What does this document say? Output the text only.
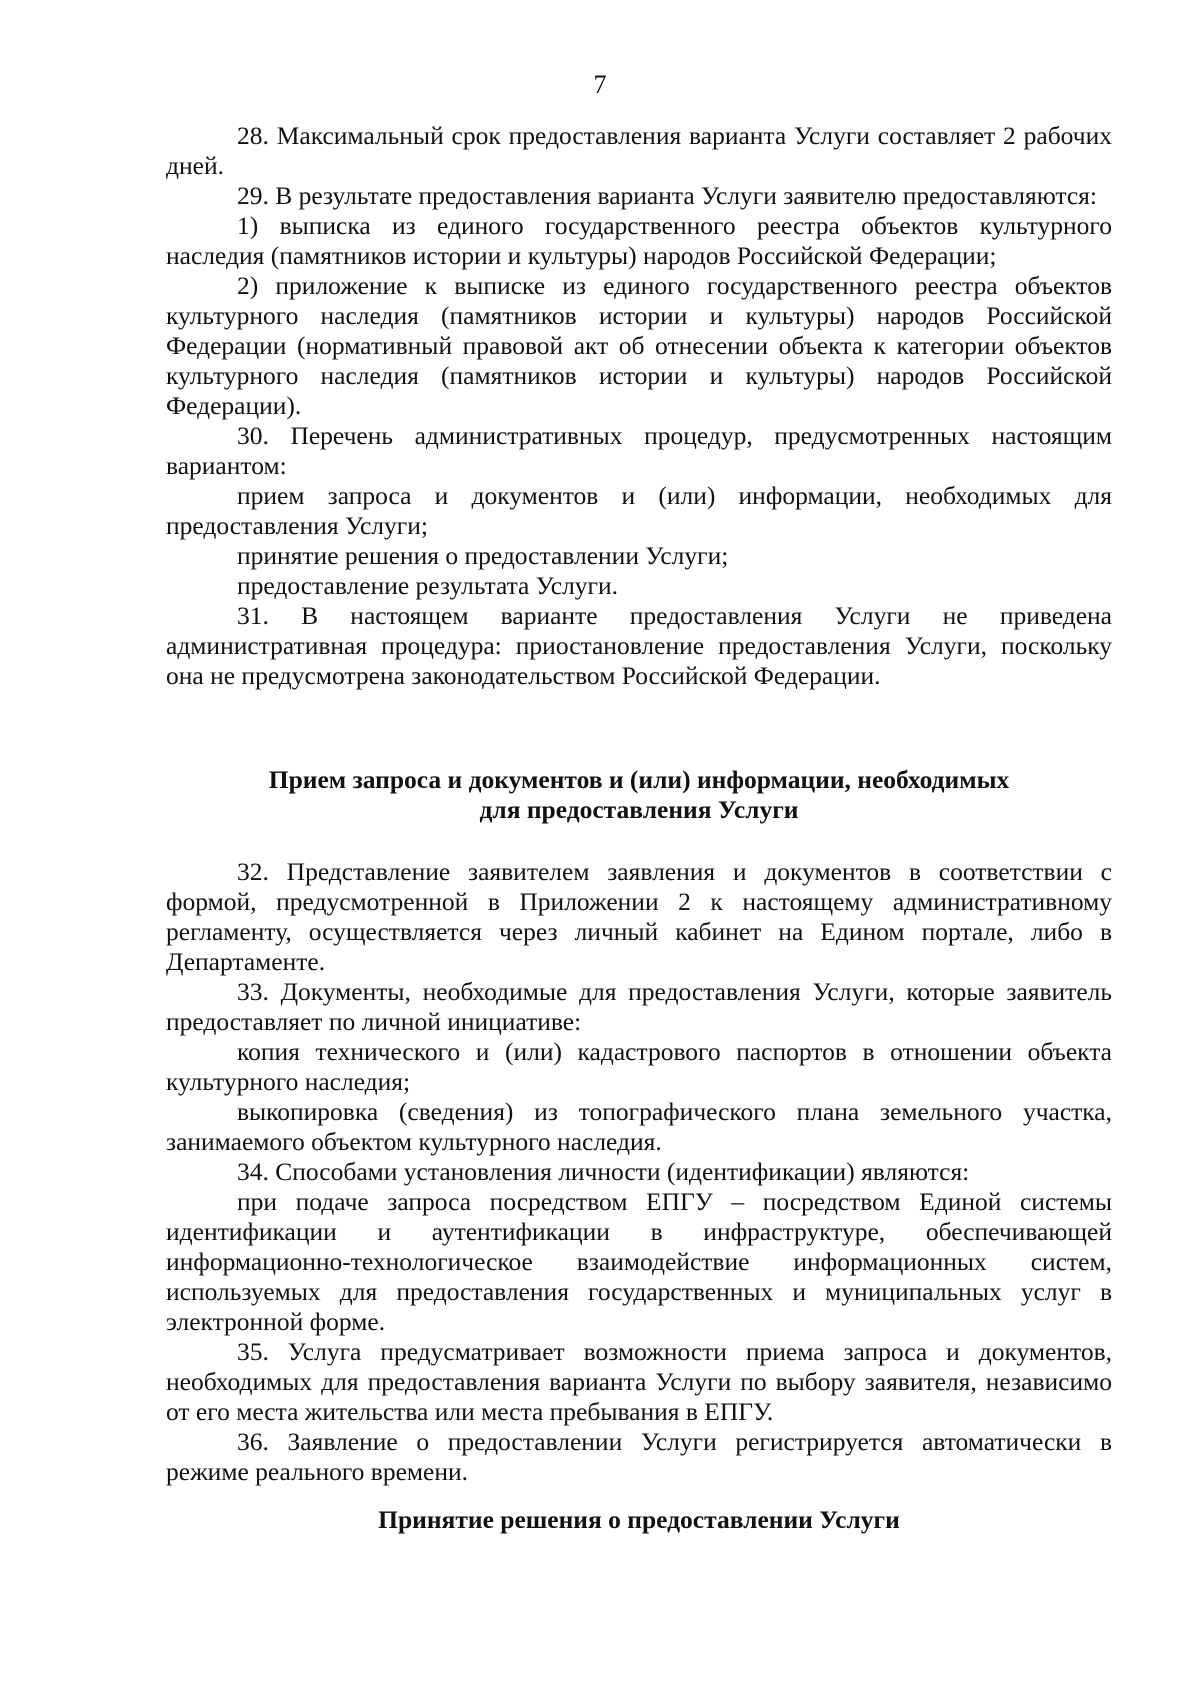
7

28. Максимальный срок предоставления варианта Услуги составляет 2 рабочих дней.

29. В результате предоставления варианта Услуги заявителю предоставляются:

1) выписка из единого государственного реестра объектов культурного наследия (памятников истории и культуры) народов Российской Федерации;

2) приложение к выписке из единого государственного реестра объектов культурного наследия (памятников истории и культуры) народов Российской Федерации (нормативный правовой акт об отнесении объекта к категории объектов культурного наследия (памятников истории и культуры) народов Российской Федерации).

30. Перечень административных процедур, предусмотренных настоящим вариантом:

прием запроса и документов и (или) информации, необходимых для предоставления Услуги;

принятие решения о предоставлении Услуги;

предоставление результата Услуги.

31. В настоящем варианте предоставления Услуги не приведена административная процедура: приостановление предоставления Услуги, поскольку она не предусмотрена законодательством Российской Федерации.

Прием запроса и документов и (или) информации, необходимых
для предоставления Услуги

32. Представление заявителем заявления и документов в соответствии с формой, предусмотренной в Приложении 2 к настоящему административному регламенту, осуществляется через личный кабинет на Едином портале, либо в Департаменте.

33. Документы, необходимые для предоставления Услуги, которые заявитель предоставляет по личной инициативе:

копия технического и (или) кадастрового паспортов в отношении объекта культурного наследия;

выкопировка (сведения) из топографического плана земельного участка, занимаемого объектом культурного наследия.

34. Способами установления личности (идентификации) являются:

при подаче запроса посредством ЕПГУ – посредством Единой системы идентификации и аутентификации в инфраструктуре, обеспечивающей информационно-технологическое взаимодействие информационных систем, используемых для предоставления государственных и муниципальных услуг в электронной форме.

35. Услуга предусматривает возможности приема запроса и документов, необходимых для предоставления варианта Услуги по выбору заявителя, независимо от его места жительства или места пребывания в ЕПГУ.

36. Заявление о предоставлении Услуги регистрируется автоматически в режиме реального времени.

Принятие решения о предоставлении Услуги
